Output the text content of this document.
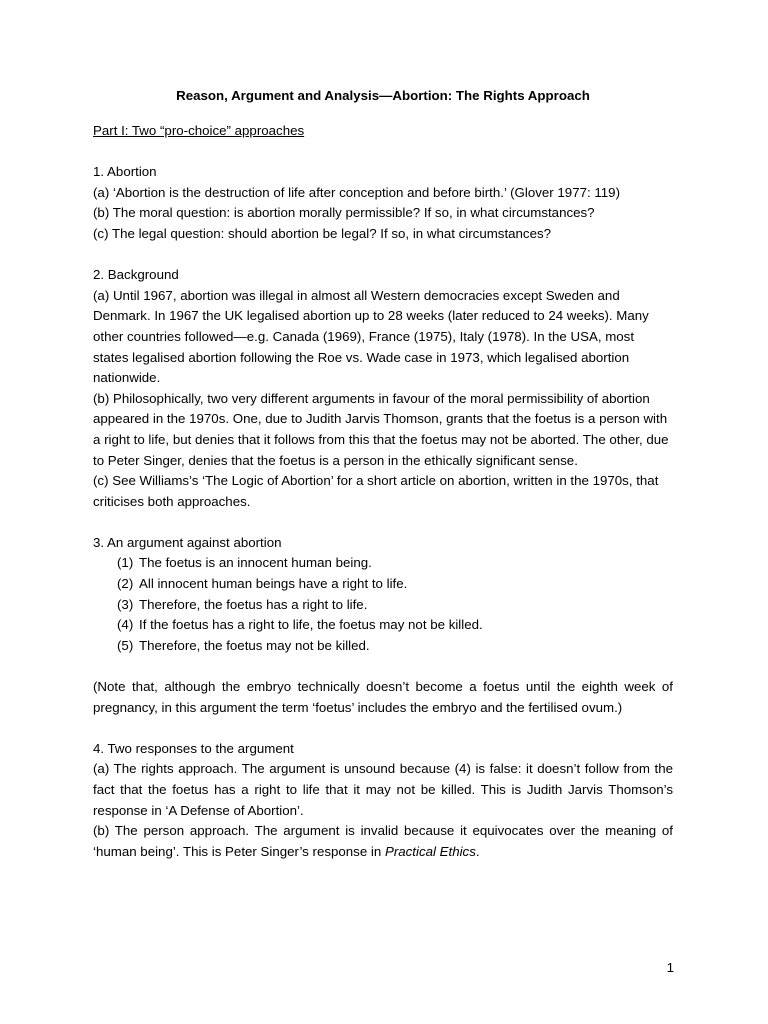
Reason, Argument and Analysis—Abortion: The Rights Approach

Part I: Two “pro-choice” approaches

1. Abortion

(a) ‘Abortion is the destruction of life after conception and before birth.’ (Glover 1977: 119)

(b) The moral question: is abortion morally permissible? If so, in what circumstances?

(c) The legal question: should abortion be legal? If so, in what circumstances?

2. Background

(a) Until 1967, abortion was illegal in almost all Western democracies except Sweden and Denmark. In 1967 the UK legalised abortion up to 28 weeks (later reduced to 24 weeks). Many other countries followed—e.g. Canada (1969), France (1975), Italy (1978). In the USA, most states legalised abortion following the Roe vs. Wade case in 1973, which legalised abortion nationwide.

(b) Philosophically, two very different arguments in favour of the moral permissibility of abortion appeared in the 1970s. One, due to Judith Jarvis Thomson, grants that the foetus is a person with a right to life, but denies that it follows from this that the foetus may not be aborted. The other, due to Peter Singer, denies that the foetus is a person in the ethically significant sense.

(c) See Williams’s ‘The Logic of Abortion’ for a short article on abortion, written in the 1970s, that criticises both approaches.

3. An argument against abortion

(1) The foetus is an innocent human being.
(2) All innocent human beings have a right to life.
(3) Therefore, the foetus has a right to life.
(4) If the foetus has a right to life, the foetus may not be killed.
(5) Therefore, the foetus may not be killed.

(Note that, although the embryo technically doesn’t become a foetus until the eighth week of pregnancy, in this argument the term ‘foetus’ includes the embryo and the fertilised ovum.)

4. Two responses to the argument

(a) The rights approach. The argument is unsound because (4) is false: it doesn’t follow from the fact that the foetus has a right to life that it may not be killed. This is Judith Jarvis Thomson’s response in ‘A Defense of Abortion’.

(b) The person approach. The argument is invalid because it equivocates over the meaning of ‘human being’. This is Peter Singer’s response in Practical Ethics.

1
